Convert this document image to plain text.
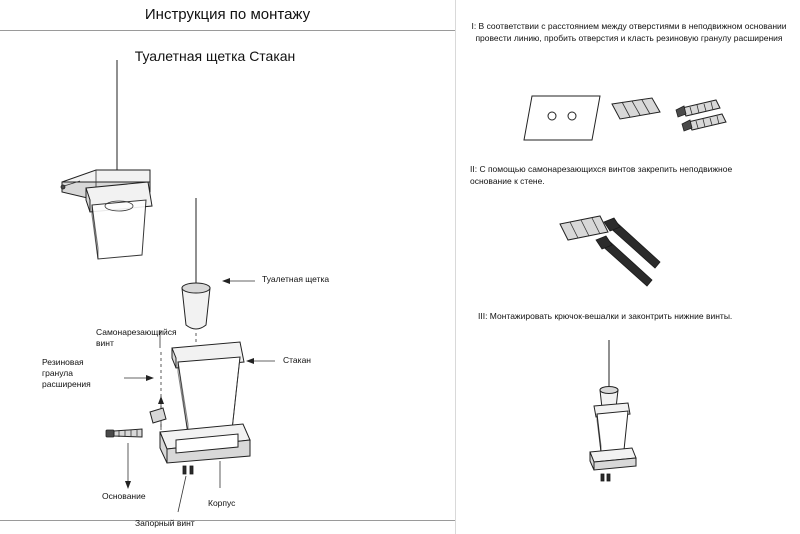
Инструкция по монтажу
Туалетная щетка Стакан
Туалетная щетка
Самонарезающийся винт
Резиновая гранула расширения
Стакан
Основание
Корпус
Запорный винт
I: В соответствии с расстоянием между отверстиями в неподвижном основании провести линию, пробить отверстия и класть резиновую гранулу расширения
II: С помощью самонарезающихся винтов закрепить неподвижное основание к стене.
III: Монтажировать крючок-вешалки и законтрить нижние винты.
